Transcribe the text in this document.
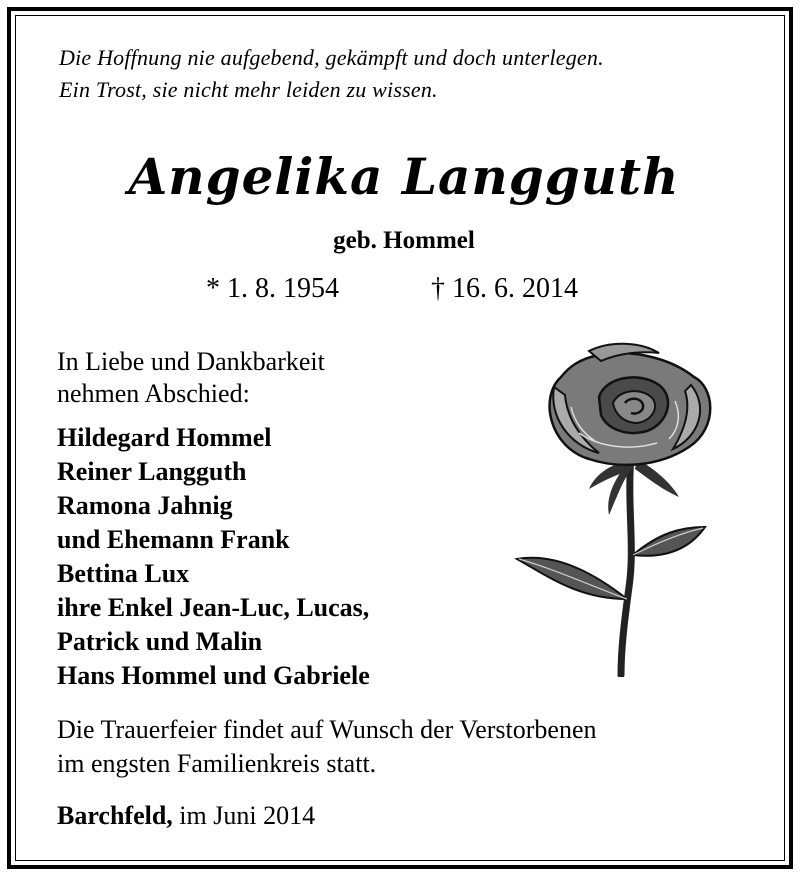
Die Hoffnung nie aufgebend, gekämpft und doch unterlegen.
Ein Trost, sie nicht mehr leiden zu wissen.
Angelika Langguth
geb. Hommel
* 1. 8. 1954	† 16. 6. 2014
In Liebe und Dankbarkeit
nehmen Abschied:
Hildegard Hommel
Reiner Langguth
Ramona Jahnig
und Ehemann Frank
Bettina Lux
ihre Enkel Jean-Luc, Lucas,
Patrick und Malin
Hans Hommel und Gabriele
Die Trauerfeier findet auf Wunsch der Verstorbenen
im engsten Familienkreis statt.
Barchfeld, im Juni 2014
